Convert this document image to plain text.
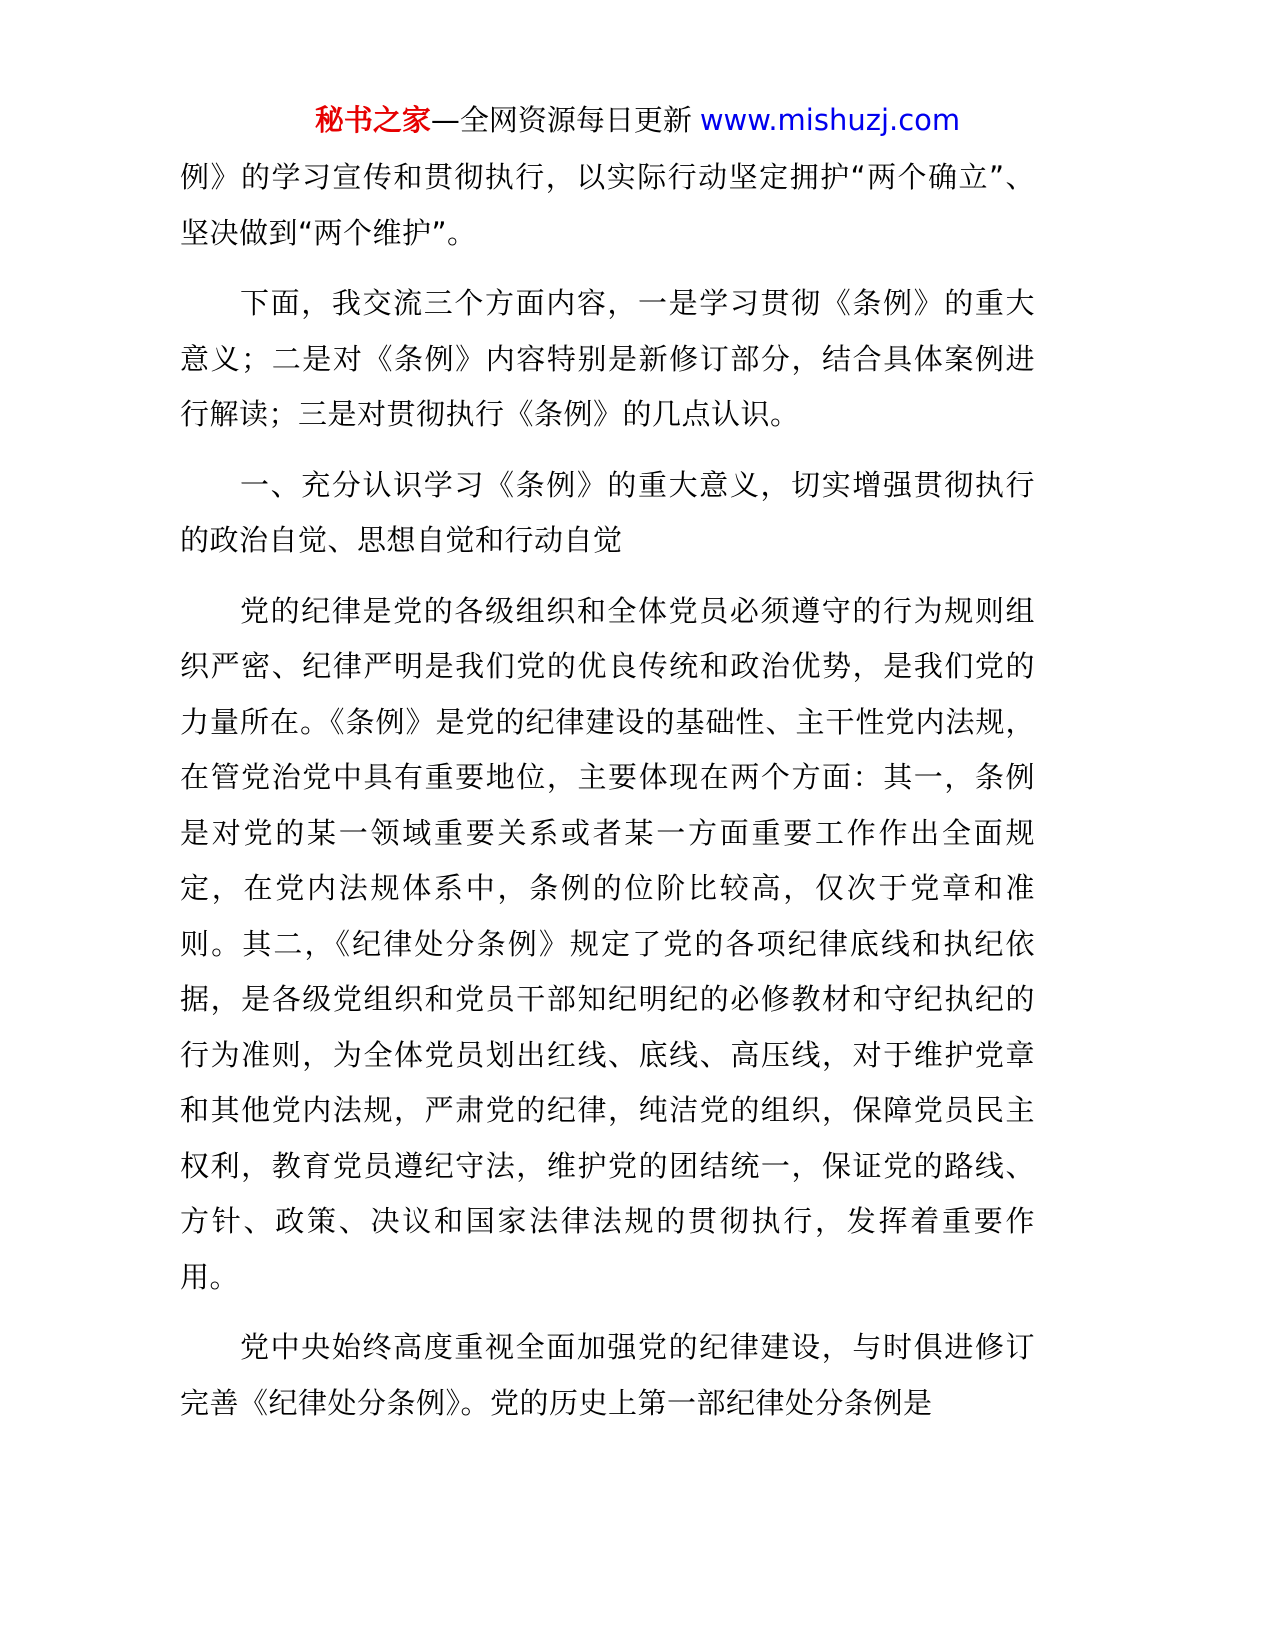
秘书之家—全网资源每日更新 www.mishuzj.com

例》的学习宣传和贯彻执行，以实际行动坚定拥护“两个确立”、坚决做到“两个维护”。

下面，我交流三个方面内容，一是学习贯彻《条例》的重大意义；二是对《条例》内容特别是新修订部分，结合具体案例进行解读；三是对贯彻执行《条例》的几点认识。

一、充分认识学习《条例》的重大意义，切实增强贯彻执行的政治自觉、思想自觉和行动自觉

党的纪律是党的各级组织和全体党员必须遵守的行为规则组织严密、纪律严明是我们党的优良传统和政治优势，是我们党的力量所在。《条例》是党的纪律建设的基础性、主干性党内法规，在管党治党中具有重要地位，主要体现在两个方面：其一，条例是对党的某一领域重要关系或者某一方面重要工作作出全面规定，在党内法规体系中，条例的位阶比较高，仅次于党章和准则。其二，《纪律处分条例》规定了党的各项纪律底线和执纪依据，是各级党组织和党员干部知纪明纪的必修教材和守纪执纪的行为准则，为全体党员划出红线、底线、高压线，对于维护党章和其他党内法规，严肃党的纪律，纯洁党的组织，保障党员民主权利，教育党员遵纪守法，维护党的团结统一，保证党的路线、方针、政策、决议和国家法律法规的贯彻执行，发挥着重要作用。

党中央始终高度重视全面加强党的纪律建设，与时俱进修订完善《纪律处分条例》。党的历史上第一部纪律处分条例是
